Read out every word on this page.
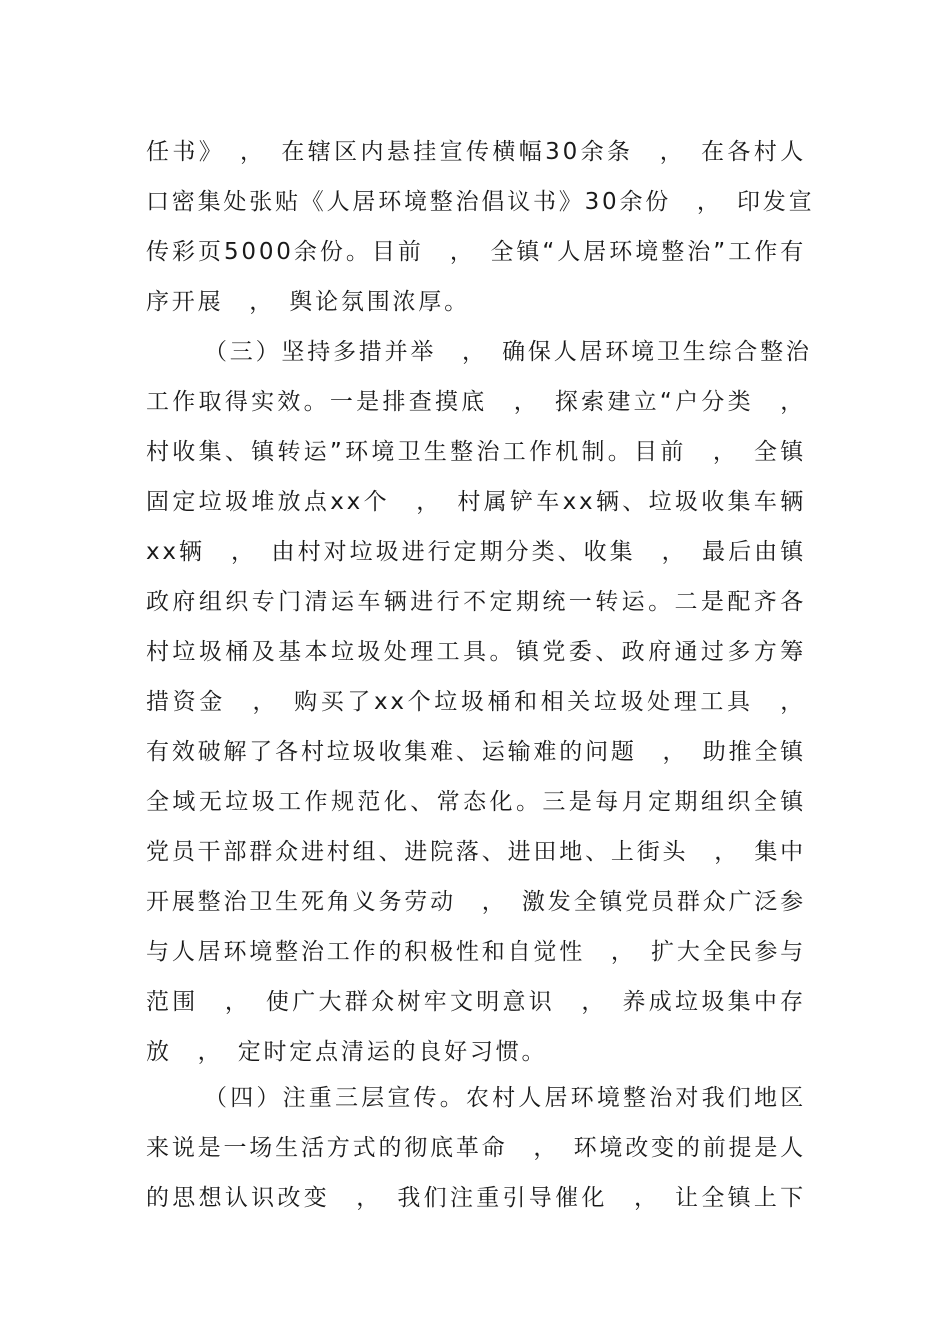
任书》　，　在辖区内悬挂宣传横幅30余条　，　在各村人
口密集处张贴《人居环境整治倡议书》30余份　，　印发宣
传彩页5000余份。目前　，　全镇“人居环境整治”工作有
序开展　，　舆论氛围浓厚。
（三）坚持多措并举　，　确保人居环境卫生综合整治
工作取得实效。一是排查摸底　，　探索建立“户分类　，
村收集、镇转运”环境卫生整治工作机制。目前　，　全镇
固定垃圾堆放点xx个　，　村属铲车xx辆、垃圾收集车辆
xx辆　，　由村对垃圾进行定期分类、收集　，　最后由镇
政府组织专门清运车辆进行不定期统一转运。二是配齐各
村垃圾桶及基本垃圾处理工具。镇党委、政府通过多方筹
措资金　，　购买了xx个垃圾桶和相关垃圾处理工具　，
有效破解了各村垃圾收集难、运输难的问题　，　助推全镇
全域无垃圾工作规范化、常态化。三是每月定期组织全镇
党员干部群众进村组、进院落、进田地、上街头　，　集中
开展整治卫生死角义务劳动　，　激发全镇党员群众广泛参
与人居环境整治工作的积极性和自觉性　，　扩大全民参与
范围　，　使广大群众树牢文明意识　，　养成垃圾集中存
放　，　定时定点清运的良好习惯。
（四）注重三层宣传。农村人居环境整治对我们地区
来说是一场生活方式的彻底革命　，　环境改变的前提是人
的思想认识改变　，　我们注重引导催化　，　让全镇上下
